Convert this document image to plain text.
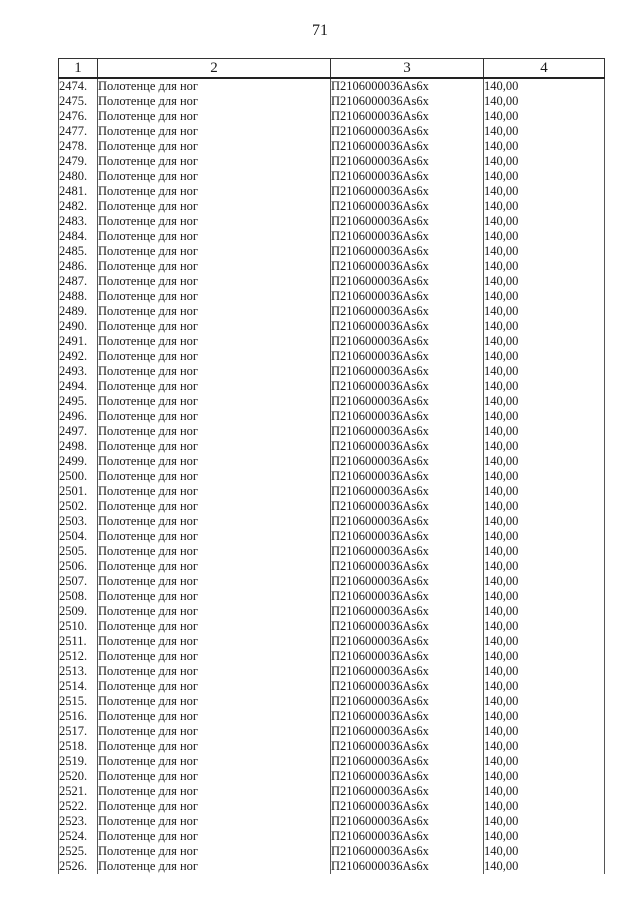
71
1	2	3	4
2474.	Полотенце для ног	П2106000036Аs6х	140,00
2475.	Полотенце для ног	П2106000036Аs6х	140,00
2476.	Полотенце для ног	П2106000036Аs6х	140,00
2477.	Полотенце для ног	П2106000036Аs6х	140,00
2478.	Полотенце для ног	П2106000036Аs6х	140,00
2479.	Полотенце для ног	П2106000036Аs6х	140,00
2480.	Полотенце для ног	П2106000036Аs6х	140,00
2481.	Полотенце для ног	П2106000036Аs6х	140,00
2482.	Полотенце для ног	П2106000036Аs6х	140,00
2483.	Полотенце для ног	П2106000036Аs6х	140,00
2484.	Полотенце для ног	П2106000036Аs6х	140,00
2485.	Полотенце для ног	П2106000036Аs6х	140,00
2486.	Полотенце для ног	П2106000036Аs6х	140,00
2487.	Полотенце для ног	П2106000036Аs6х	140,00
2488.	Полотенце для ног	П2106000036Аs6х	140,00
2489.	Полотенце для ног	П2106000036Аs6х	140,00
2490.	Полотенце для ног	П2106000036Аs6х	140,00
2491.	Полотенце для ног	П2106000036Аs6х	140,00
2492.	Полотенце для ног	П2106000036Аs6х	140,00
2493.	Полотенце для ног	П2106000036Аs6х	140,00
2494.	Полотенце для ног	П2106000036Аs6х	140,00
2495.	Полотенце для ног	П2106000036Аs6х	140,00
2496.	Полотенце для ног	П2106000036Аs6х	140,00
2497.	Полотенце для ног	П2106000036Аs6х	140,00
2498.	Полотенце для ног	П2106000036Аs6х	140,00
2499.	Полотенце для ног	П2106000036Аs6х	140,00
2500.	Полотенце для ног	П2106000036Аs6х	140,00
2501.	Полотенце для ног	П2106000036Аs6х	140,00
2502.	Полотенце для ног	П2106000036Аs6х	140,00
2503.	Полотенце для ног	П2106000036Аs6х	140,00
2504.	Полотенце для ног	П2106000036Аs6х	140,00
2505.	Полотенце для ног	П2106000036Аs6х	140,00
2506.	Полотенце для ног	П2106000036Аs6х	140,00
2507.	Полотенце для ног	П2106000036Аs6х	140,00
2508.	Полотенце для ног	П2106000036Аs6х	140,00
2509.	Полотенце для ног	П2106000036Аs6х	140,00
2510.	Полотенце для ног	П2106000036Аs6х	140,00
2511.	Полотенце для ног	П2106000036Аs6х	140,00
2512.	Полотенце для ног	П2106000036Аs6х	140,00
2513.	Полотенце для ног	П2106000036Аs6х	140,00
2514.	Полотенце для ног	П2106000036Аs6х	140,00
2515.	Полотенце для ног	П2106000036Аs6х	140,00
2516.	Полотенце для ног	П2106000036Аs6х	140,00
2517.	Полотенце для ног	П2106000036Аs6х	140,00
2518.	Полотенце для ног	П2106000036Аs6х	140,00
2519.	Полотенце для ног	П2106000036Аs6х	140,00
2520.	Полотенце для ног	П2106000036Аs6х	140,00
2521.	Полотенце для ног	П2106000036Аs6х	140,00
2522.	Полотенце для ног	П2106000036Аs6х	140,00
2523.	Полотенце для ног	П2106000036Аs6х	140,00
2524.	Полотенце для ног	П2106000036Аs6х	140,00
2525.	Полотенце для ног	П2106000036Аs6х	140,00
2526.	Полотенце для ног	П2106000036Аs6х	140,00
